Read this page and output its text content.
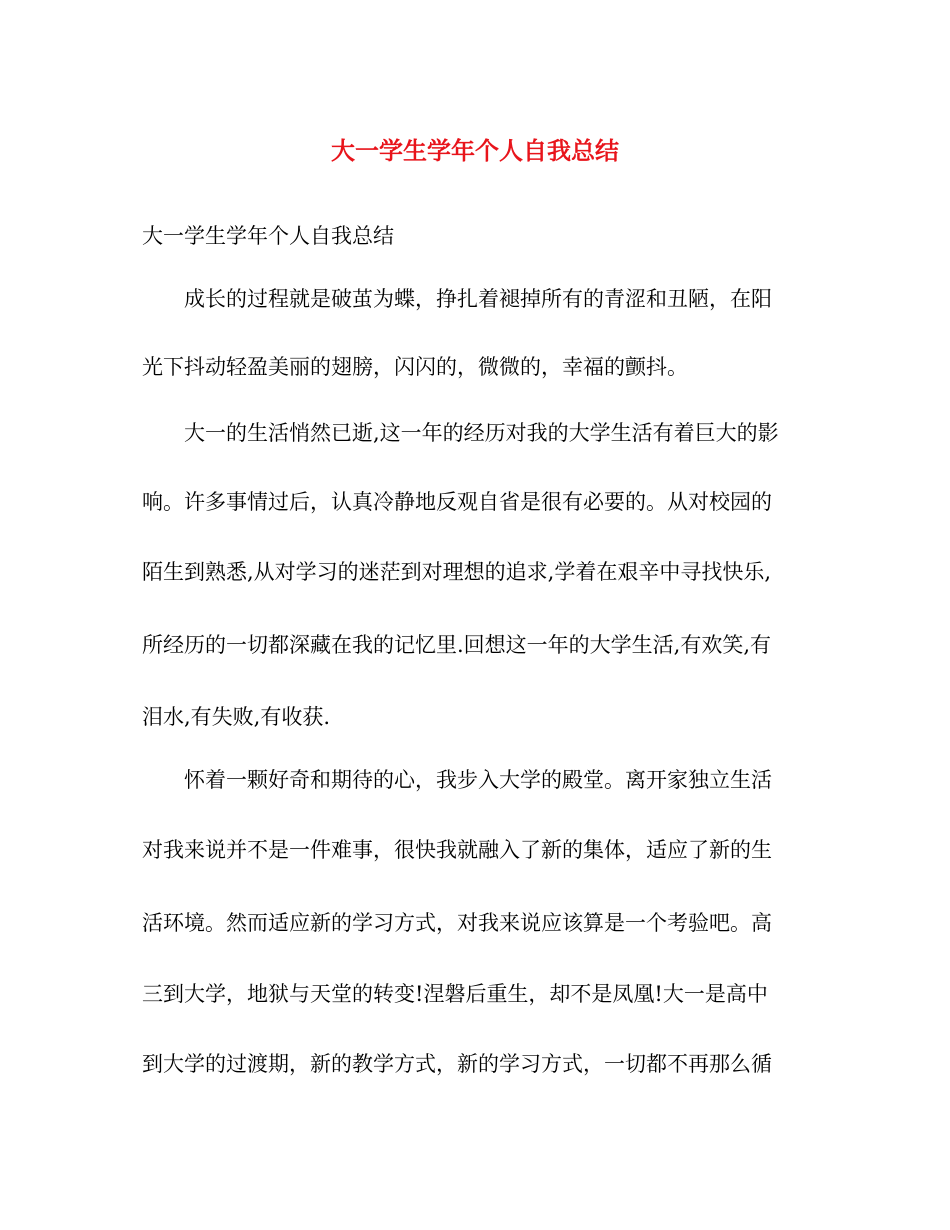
大一学生学年个人自我总结

大一学生学年个人自我总结

成长的过程就是破茧为蝶，挣扎着褪掉所有的青涩和丑陋，在阳

光下抖动轻盈美丽的翅膀，闪闪的，微微的，幸福的颤抖。

大一的生活悄然已逝,这一年的经历对我的大学生活有着巨大的影

响。许多事情过后，认真冷静地反观自省是很有必要的。从对校园的

陌生到熟悉,从对学习的迷茫到对理想的追求,学着在艰辛中寻找快乐,

所经历的一切都深藏在我的记忆里.回想这一年的大学生活,有欢笑,有

泪水,有失败,有收获.

怀着一颗好奇和期待的心，我步入大学的殿堂。离开家独立生活

对我来说并不是一件难事，很快我就融入了新的集体，适应了新的生

活环境。然而适应新的学习方式，对我来说应该算是一个考验吧。高

三到大学，地狱与天堂的转变!涅磐后重生，却不是凤凰!大一是高中

到大学的过渡期，新的教学方式，新的学习方式，一切都不再那么循
